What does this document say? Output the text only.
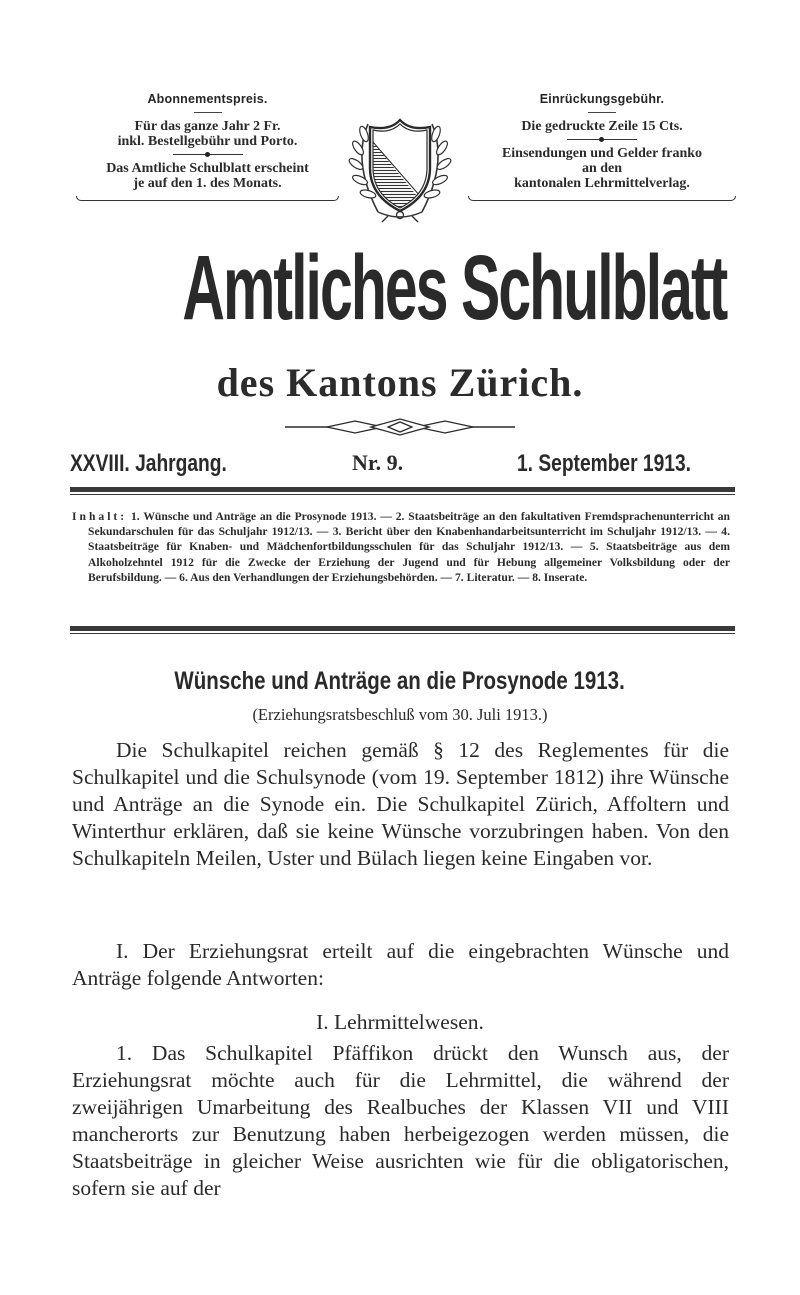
Abonnementspreis.
Für das ganze Jahr 2 Fr.
inkl. Bestellgebühr und Porto.
Das Amtliche Schulblatt erscheint
je auf den 1. des Monats.
Einrückungsgebühr.
Die gedruckte Zeile 15 Cts.
Einsendungen und Gelder franko
an den
kantonalen Lehrmittelverlag.
Amtliches Schulblatt
des Kantons Zürich.
XXVIII. Jahrgang.	Nr. 9.	1. September 1913.
Inhalt: 1. Wünsche und Anträge an die Prosynode 1913. — 2. Staatsbeiträge an den fakultativen Fremdsprachenunterricht an Sekundarschulen für das Schuljahr 1912/13. — 3. Bericht über den Knabenhandarbeitsunterricht im Schuljahr 1912/13. — 4. Staatsbeiträge für Knaben- und Mädchenfortbildungsschulen für das Schuljahr 1912/13. — 5. Staatsbeiträge aus dem Alkoholzehntel 1912 für die Zwecke der Erziehung der Jugend und für Hebung allgemeiner Volksbildung oder der Berufsbildung. — 6. Aus den Verhandlungen der Erziehungsbehörden. — 7. Literatur. — 8. Inserate.
Wünsche und Anträge an die Prosynode 1913.
(Erziehungsratsbeschluß vom 30. Juli 1913.)
Die Schulkapitel reichen gemäß § 12 des Reglementes für die Schulkapitel und die Schulsynode (vom 19. September 1812) ihre Wünsche und Anträge an die Synode ein. Die Schulkapitel Zürich, Affoltern und Winterthur erklären, daß sie keine Wünsche vorzubringen haben. Von den Schulkapiteln Meilen, Uster und Bülach liegen keine Eingaben vor.
I. Der Erziehungsrat erteilt auf die eingebrachten Wünsche und Anträge folgende Antworten:
I. Lehrmittelwesen.
1. Das Schulkapitel Pfäffikon drückt den Wunsch aus, der Erziehungsrat möchte auch für die Lehrmittel, die während der zweijährigen Umarbeitung des Realbuches der Klassen VII und VIII mancherorts zur Benutzung haben herbeigezogen werden müssen, die Staatsbeiträge in gleicher Weise ausrichten wie für die obligatorischen, sofern sie auf der
